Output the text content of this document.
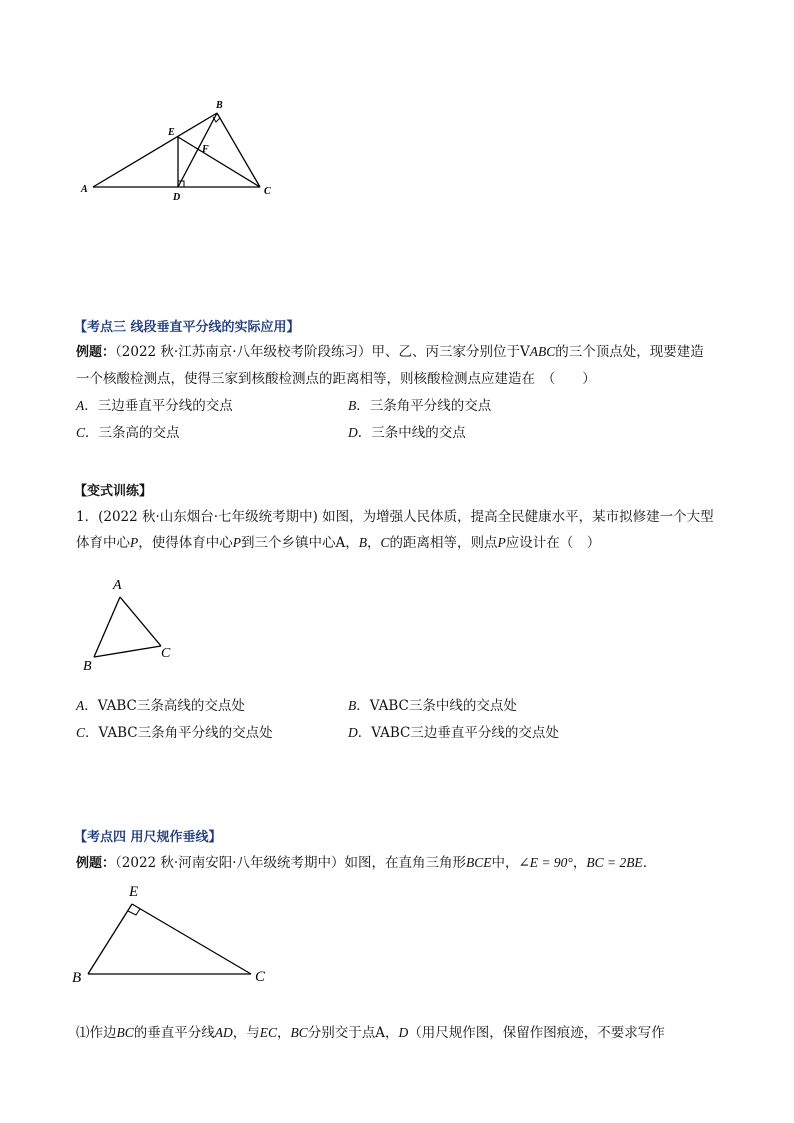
A
B
C
D
E
F
【考点三 线段垂直平分线的实际应用】
例题：（2022 秋·江苏南京·八年级校考阶段练习）甲、乙、丙三家分别位于VABC的三个顶点处，现要建造
一个核酸检测点，使得三家到核酸检测点的距离相等，则核酸检测点应建造在　（　　）
A．三边垂直平分线的交点	B．三条角平分线的交点
C．三条高的交点	D．三条中线的交点
【变式训练】
1．(2022 秋·山东烟台·七年级统考期中) 如图，为增强人民体质，提高全民健康水平，某市拟修建一个大型
体育中心P，使得体育中心P到三个乡镇中心A，B，C的距离相等，则点P应设计在（　）
A
B
C
A．VABC三条高线的交点处	B．VABC三条中线的交点处
C．VABC三条角平分线的交点处	D．VABC三边垂直平分线的交点处
【考点四 用尺规作垂线】
例题：（2022 秋·河南安阳·八年级统考期中）如图，在直角三角形BCE中，∠E = 90°，BC = 2BE．
E
B	C
⑴作边BC的垂直平分线AD，与EC，BC分别交于点A，D（用尺规作图，保留作图痕迹，不要求写作
